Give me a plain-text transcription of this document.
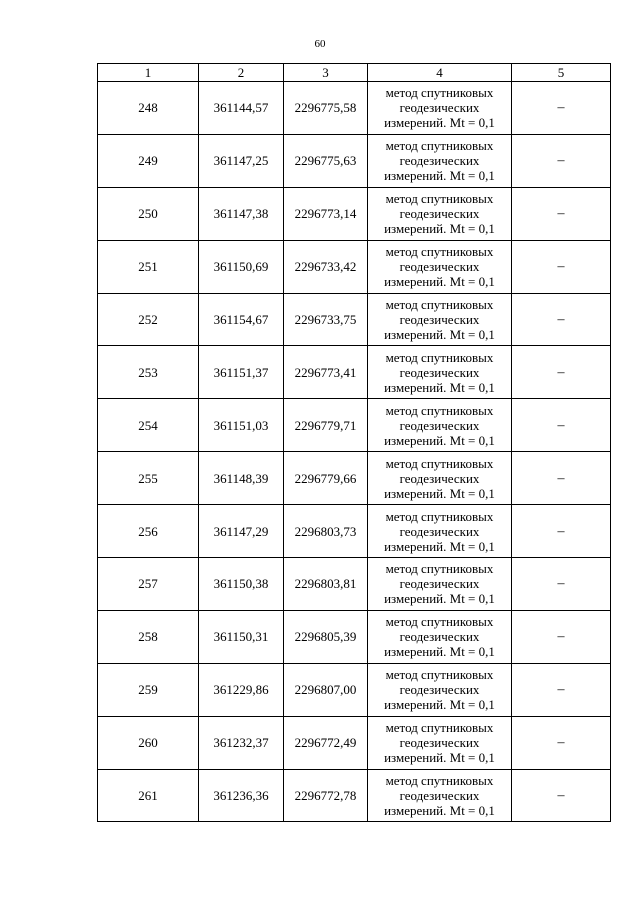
60
1	2	3	4	5
248	361144,57	2296775,58	метод спутниковых
геодезических
измерений. Mt = 0,1	–
249	361147,25	2296775,63	метод спутниковых
геодезических
измерений. Mt = 0,1	–
250	361147,38	2296773,14	метод спутниковых
геодезических
измерений. Mt = 0,1	–
251	361150,69	2296733,42	метод спутниковых
геодезических
измерений. Mt = 0,1	–
252	361154,67	2296733,75	метод спутниковых
геодезических
измерений. Mt = 0,1	–
253	361151,37	2296773,41	метод спутниковых
геодезических
измерений. Mt = 0,1	–
254	361151,03	2296779,71	метод спутниковых
геодезических
измерений. Mt = 0,1	–
255	361148,39	2296779,66	метод спутниковых
геодезических
измерений. Mt = 0,1	–
256	361147,29	2296803,73	метод спутниковых
геодезических
измерений. Mt = 0,1	–
257	361150,38	2296803,81	метод спутниковых
геодезических
измерений. Mt = 0,1	–
258	361150,31	2296805,39	метод спутниковых
геодезических
измерений. Mt = 0,1	–
259	361229,86	2296807,00	метод спутниковых
геодезических
измерений. Mt = 0,1	–
260	361232,37	2296772,49	метод спутниковых
геодезических
измерений. Mt = 0,1	–
261	361236,36	2296772,78	метод спутниковых
геодезических
измерений. Mt = 0,1	–
